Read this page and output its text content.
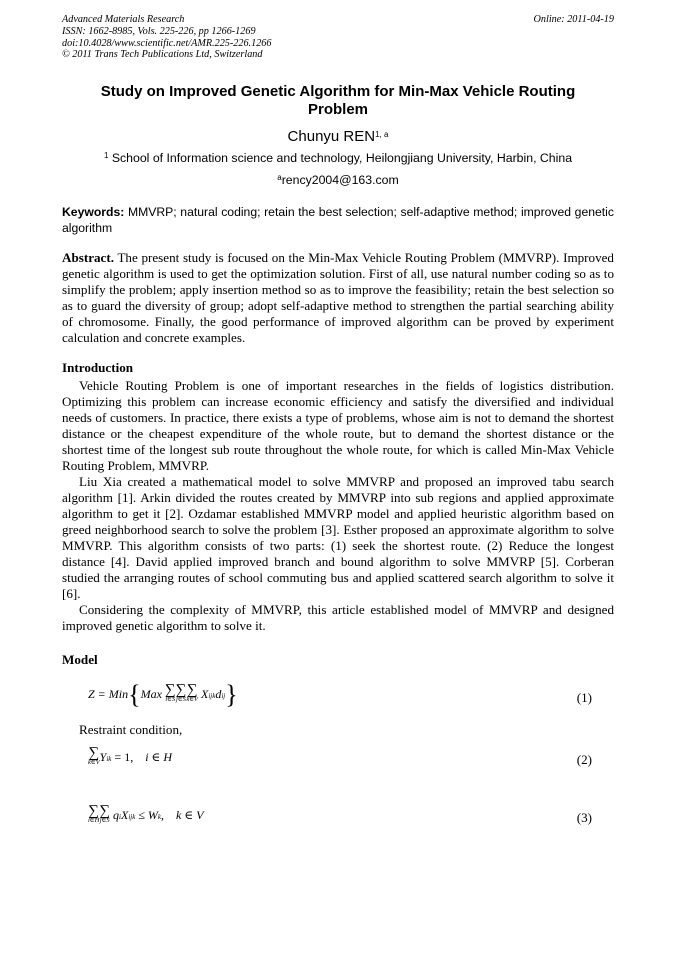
Advanced Materials Research
ISSN: 1662-8985, Vols. 225-226, pp 1266-1269
doi:10.4028/www.scientific.net/AMR.225-226.1266
© 2011 Trans Tech Publications Ltd, Switzerland
Online: 2011-04-19
Study on Improved Genetic Algorithm for Min-Max Vehicle Routing Problem
Chunyu REN$^{1, a}$
$^1$ School of Information science and technology, Heilongjiang University, Harbin, China
$^a$rency2004@163.com
Keywords: MMVRP; natural coding; retain the best selection; self-adaptive method; improved genetic algorithm
Abstract. The present study is focused on the Min-Max Vehicle Routing Problem (MMVRP). Improved genetic algorithm is used to get the optimization solution. First of all, use natural number coding so as to simplify the problem; apply insertion method so as to improve the feasibility; retain the best selection so as to guard the diversity of group; adopt self-adaptive method to strengthen the partial searching ability of chromosome. Finally, the good performance of improved algorithm can be proved by experiment calculation and concrete examples.
Introduction

Vehicle Routing Problem is one of important researches in the fields of logistics distribution. Optimizing this problem can increase economic efficiency and satisfy the diversified and individual needs of customers. In practice, there exists a type of problems, whose aim is not to demand the shortest distance or the cheapest expenditure of the whole route, but to demand the shortest distance or the shortest time of the longest sub route throughout the whole route, for which is called Min-Max Vehicle Routing Problem, MMVRP.

Liu Xia created a mathematical model to solve MMVRP and proposed an improved tabu search algorithm [1]. Arkin divided the routes created by MMVRP into sub regions and applied approximate algorithm to get it [2]. Ozdamar established MMVRP model and applied heuristic algorithm based on greed neighborhood search to solve the problem [3]. Esther proposed an approximate algorithm to solve MMVRP. This algorithm consists of two parts: (1) seek the shortest route. (2) Reduce the longest distance [4]. David applied improved branch and bound algorithm to solve MMVRP [5]. Corberan studied the arranging routes of school commuting bus and applied scattered search algorithm to solve it [6].

Considering the complexity of MMVRP, this article established model of MMVRP and designed improved genetic algorithm to solve it.

Model
Z = Min{Max ∑
i∈S
∑
j∈S
∑
k∈V Xijkdij}	(1)
Restraint condition,
∑
k∈V Yik = 1, i ∈ H	(2)
∑
i∈H
∑
j∈S qiXijk ≤ Wk, k ∈ V	(3)
